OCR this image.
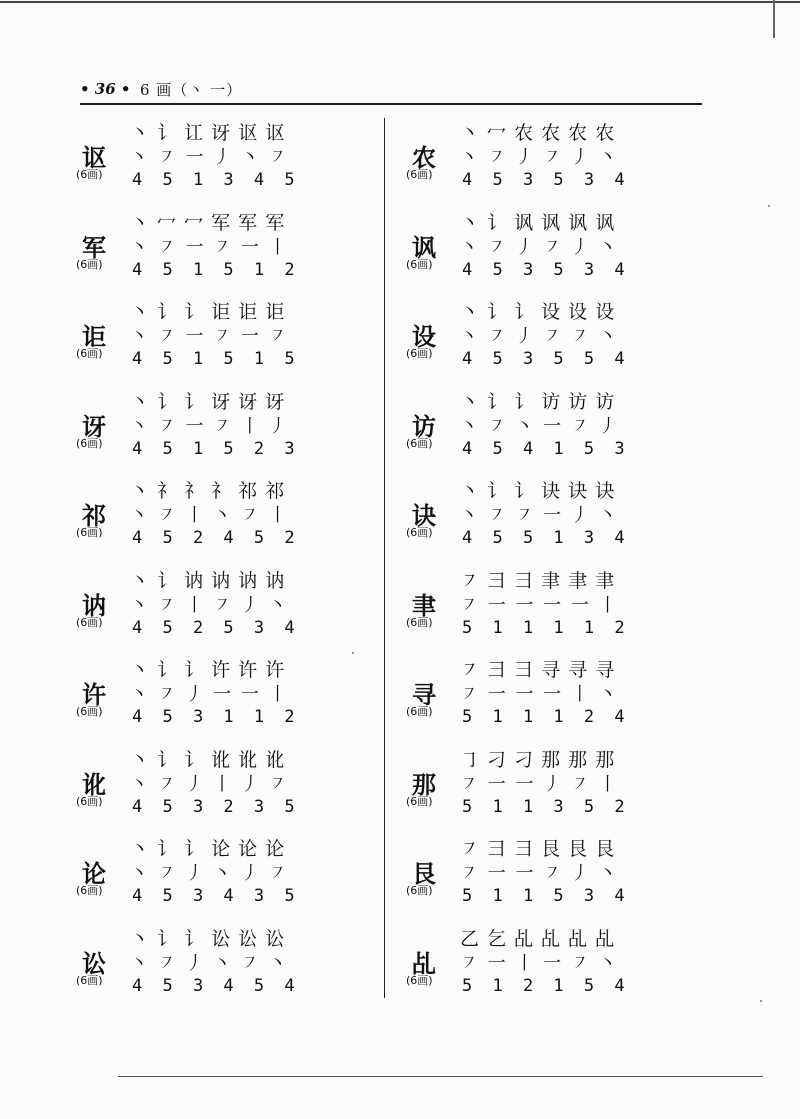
• 36 • 6 画（丶 一）
讴
(6画)
丶 讠 讧 讶 讴 讴
丶 ㇇ 一 丿 丶 ㇇
4 5 1 3 4 5
军
(6画)
丶 冖 冖 军 军 军
丶 ㇇ 一 ㇇ 一 丨
4 5 1 5 1 2
讵
(6画)
丶 讠 讠 讵 讵 讵
丶 ㇇ 一 ㇇ 一 ㇇
4 5 1 5 1 5
讶
(6画)
丶 讠 讠 讶 讶 讶
丶 ㇇ 一 ㇇ 丨 丿
4 5 1 5 2 3
祁
(6画)
丶 礻 礻 礻 祁 祁
丶 ㇇ 丨 丶 ㇇ 丨
4 5 2 4 5 2
讷
(6画)
丶 讠 讷 讷 讷 讷
丶 ㇇ 丨 ㇇ 丿 丶
4 5 2 5 3 4
许
(6画)
丶 讠 讠 许 许 许
丶 ㇇ 丿 一 一 丨
4 5 3 1 1 2
讹
(6画)
丶 讠 讠 讹 讹 讹
丶 ㇇ 丿 丨 丿 ㇇
4 5 3 2 3 5
论
(6画)
丶 讠 讠 论 论 论
丶 ㇇ 丿 丶 丿 ㇇
4 5 3 4 3 5
讼
(6画)
丶 讠 讠 讼 讼 讼
丶 ㇇ 丿 丶 ㇇ 丶
4 5 3 4 5 4
农
(6画)
丶 冖 农 农 农 农
丶 ㇇ 丿 ㇇ 丿 丶
4 5 3 5 3 4
讽
(6画)
丶 讠 讽 讽 讽 讽
丶 ㇇ 丿 ㇇ 丿 丶
4 5 3 5 3 4
设
(6画)
丶 讠 讠 设 设 设
丶 ㇇ 丿 ㇇ ㇇ 丶
4 5 3 5 5 4
访
(6画)
丶 讠 讠 访 访 访
丶 ㇇ 丶 一 ㇇ 丿
4 5 4 1 5 3
诀
(6画)
丶 讠 讠 诀 诀 诀
丶 ㇇ ㇇ 一 丿 丶
4 5 5 1 3 4
聿
(6画)
㇇ 彐 彐 聿 聿 聿
㇇ 一 一 一 一 丨
5 1 1 1 1 2
寻
(6画)
㇇ 彐 彐 寻 寻 寻
㇇ 一 一 一 丨 丶
5 1 1 1 2 4
那
(6画)
㇆ 刁 刁 那 那 那
㇇ 一 一 丿 ㇇ 丨
5 1 1 3 5 2
艮
(6画)
㇇ 彐 彐 艮 艮 艮
㇇ 一 一 ㇇ 丿 丶
5 1 1 5 3 4
乩
(6画)
乙 乞 乩 乩 乩 乩
㇇ 一 丨 一 ㇇ 丶
5 1 2 1 5 4
